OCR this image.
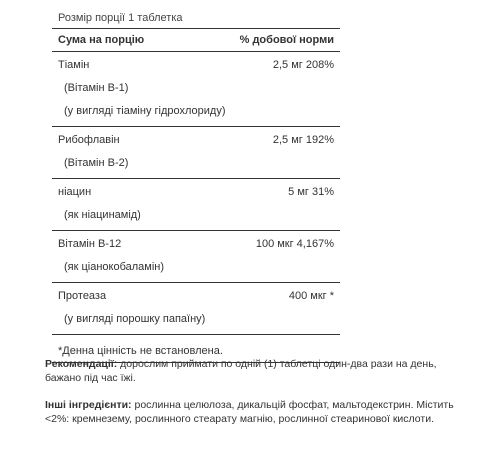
Розмір порції 1 таблетка
Сума на порцію	% добової норми
Тіамін	2,5 мг 208%
(Вітамін B-1)
(у вигляді тіаміну гідрохлориду)
Рибофлавін	2,5 мг 192%
(Вітамін B-2)
ніацин	5 мг 31%
(як ніацинамід)
Вітамін B-12	100 мкг 4,167%
(як ціанокобаламін)
Протеаза	400 мкг *
(у вигляді порошку папаїну)
*Денна цінність не встановлена.
Рекомендації: дорослим приймати по одній (1) таблетці один-два рази на день, бажано під час їжі.
Інші інгредієнти: рослинна целюлоза, дикальцій фосфат, мальтодекстрин. Містить <2%: кремнезему, рослинного стеарату магнію, рослинної стеаринової кислоти.
